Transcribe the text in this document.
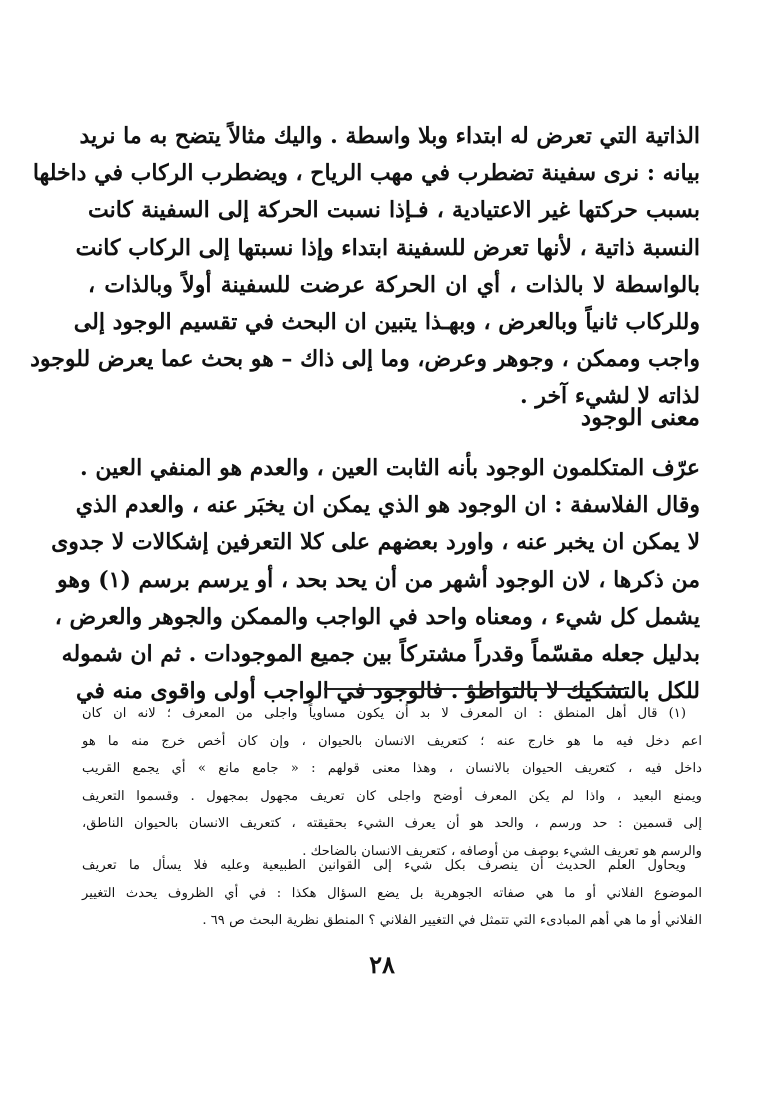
الذاتية التي تعرض له ابتداء وبلا واسطة . واليك مثالاً يتضح به ما نريد
بيانه : نرى سفينة تضطرب في مهب الرياح ، ويضطرب الركاب في داخلها
بسبب حركتها غير الاعتيادية ، فـإذا نسبت الحركة إلى السفينة كانت
النسبة ذاتية ، لأنها تعرض للسفينة ابتداء وإذا نسبتها إلى الركاب كانت
بالواسطة لا بالذات ، أي ان الحركة عرضت للسفينة أولاً وبالذات ،
وللركاب ثانياً وبالعرض ، وبهـذا يتبين ان البحث في تقسيم الوجود إلى
واجب وممكن ، وجوهر وعرض، وما إلى ذاك – هو بحث عما يعرض للوجود
لذاته لا لشيء آخر .
معنى الوجود
عرّف المتكلمون الوجود بأنه الثابت العين ، والعدم هو المنفي العين .
وقال الفلاسفة : ان الوجود هو الذي يمكن ان يخبَر عنه ، والعدم الذي
لا يمكن ان يخبر عنه ، واورد بعضهم على كلا التعرفين إشكالات لا جدوى
من ذكرها ، لان الوجود أشهر من أن يحد بحد ، أو يرسم برسم (١) وهو
يشمل كل شيء ، ومعناه واحد في الواجب والممكن والجوهر والعرض ،
بدليل جعله مقسّماً وقدراً مشتركاً بين جميع الموجودات . ثم ان شموله
للكل بالتشكيك لا بالتواطؤ . فالوجود في الواجب أولى واقوى منه في
(١) قال أهل المنطق : ان المعرف لا بد أن يكون مساوياً واجلى من المعرف ؛ لانه ان كان
اعم دخل فيه ما هو خارج عنه ؛ كتعريف الانسان بالحيوان ، وإن كان أخص خرج منه ما هو
داخل فيه ، كتعريف الحيوان بالانسان ، وهذا معنى قولهم : « جامع مانع » أي يجمع القريب
ويمنع البعيد ، واذا لم يكن المعرف أوضح واجلى كان تعريف مجهول بمجهول . وقسموا التعريف
إلى قسمين : حد ورسم ، والحد هو أن يعرف الشيء بحقيقته ، كتعريف الانسان بالحيوان الناطق،
والرسم هو تعريف الشيء بوصف من أوصافه ، كتعريف الانسان بالضاحك .
ويحاول العلم الحديث أن ينصرف بكل شيء إلى القوانين الطبيعية وعليه فلا يسأل ما تعريف
الموضوع الفلاني أو ما هي صفاته الجوهرية بل يضع السؤال هكذا : في أي الظروف يحدث التغيير
الفلاني أو ما هي أهم المبادىء التي تتمثل في التغيير الفلاني ؟ المنطق نظرية البحث ص ٦٩ .
٢٨
